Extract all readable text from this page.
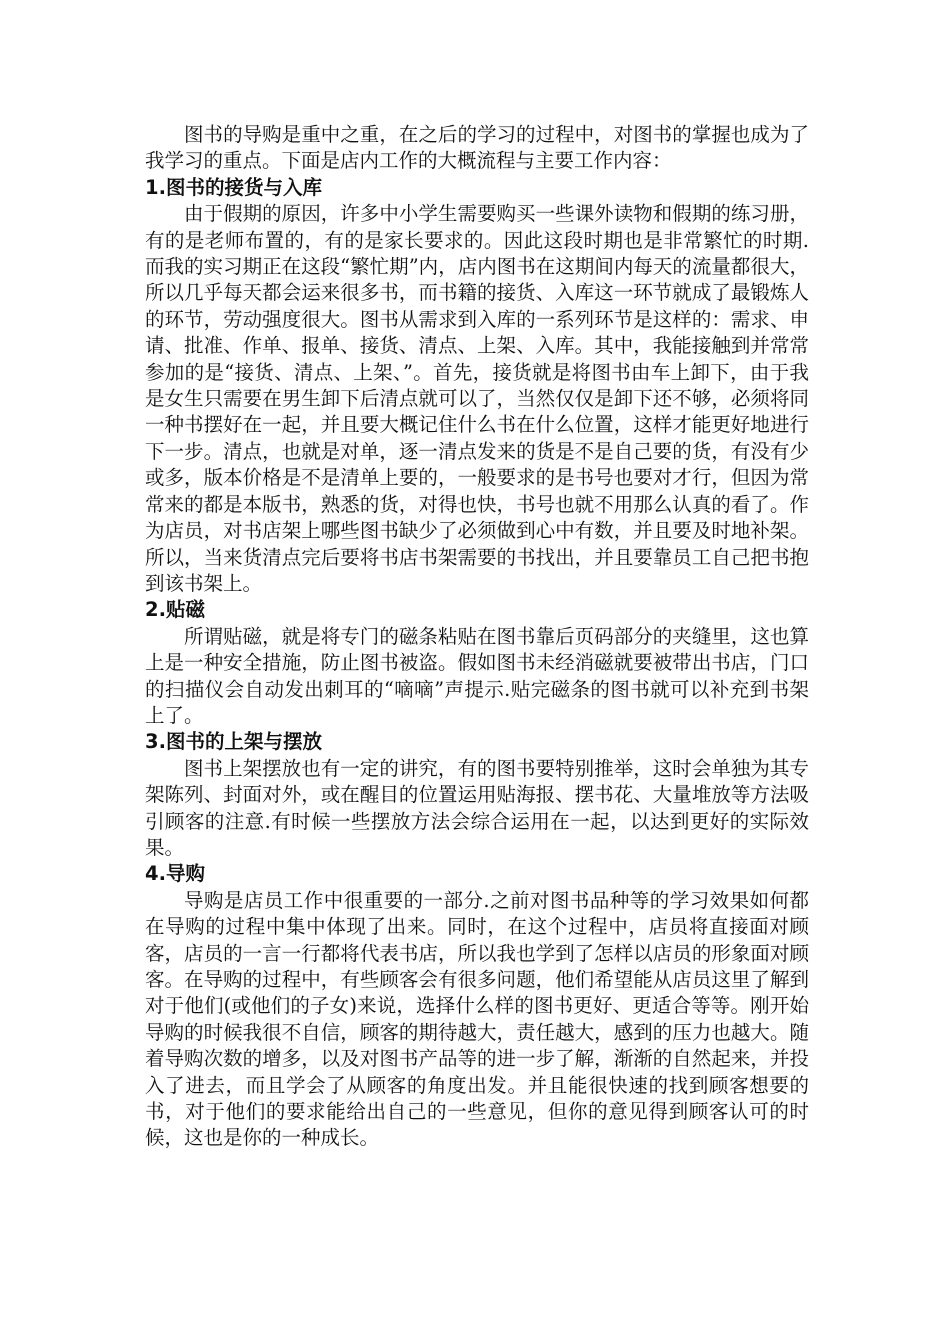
图书的导购是重中之重，在之后的学习的过程中，对图书的掌握也成为了我学习的重点。下面是店内工作的大概流程与主要工作内容：

1.图书的接货与入库

由于假期的原因，许多中小学生需要购买一些课外读物和假期的练习册，有的是老师布置的，有的是家长要求的。因此这段时期也是非常繁忙的时期.而我的实习期正在这段“繁忙期”内，店内图书在这期间内每天的流量都很大，所以几乎每天都会运来很多书，而书籍的接货、入库这一环节就成了最锻炼人的环节，劳动强度很大。图书从需求到入库的一系列环节是这样的：需求、申请、批准、作单、报单、接货、清点、上架、入库。其中，我能接触到并常常参加的是“接货、清点、上架、”。首先，接货就是将图书由车上卸下，由于我是女生只需要在男生卸下后清点就可以了，当然仅仅是卸下还不够，必须将同一种书摆好在一起，并且要大概记住什么书在什么位置，这样才能更好地进行下一步。清点，也就是对单，逐一清点发来的货是不是自己要的货，有没有少或多，版本价格是不是清单上要的，一般要求的是书号也要对才行，但因为常常来的都是本版书，熟悉的货，对得也快，书号也就不用那么认真的看了。作为店员，对书店架上哪些图书缺少了必须做到心中有数，并且要及时地补架。所以，当来货清点完后要将书店书架需要的书找出，并且要靠员工自己把书抱到该书架上。

2.贴磁

所谓贴磁，就是将专门的磁条粘贴在图书靠后页码部分的夹缝里，这也算上是一种安全措施，防止图书被盗。假如图书未经消磁就要被带出书店，门口的扫描仪会自动发出刺耳的“嘀嘀”声提示.贴完磁条的图书就可以补充到书架上了。

3.图书的上架与摆放

图书上架摆放也有一定的讲究，有的图书要特别推举，这时会单独为其专架陈列、封面对外，或在醒目的位置运用贴海报、摆书花、大量堆放等方法吸引顾客的注意.有时候一些摆放方法会综合运用在一起，以达到更好的实际效果。

4.导购

导购是店员工作中很重要的一部分.之前对图书品种等的学习效果如何都在导购的过程中集中体现了出来。同时，在这个过程中，店员将直接面对顾客，店员的一言一行都将代表书店，所以我也学到了怎样以店员的形象面对顾客。在导购的过程中，有些顾客会有很多问题，他们希望能从店员这里了解到对于他们(或他们的子女)来说，选择什么样的图书更好、更适合等等。刚开始导购的时候我很不自信，顾客的期待越大，责任越大，感到的压力也越大。随着导购次数的增多，以及对图书产品等的进一步了解，渐渐的自然起来，并投入了进去，而且学会了从顾客的角度出发。并且能很快速的找到顾客想要的书，对于他们的要求能给出自己的一些意见，但你的意见得到顾客认可的时候，这也是你的一种成长。
